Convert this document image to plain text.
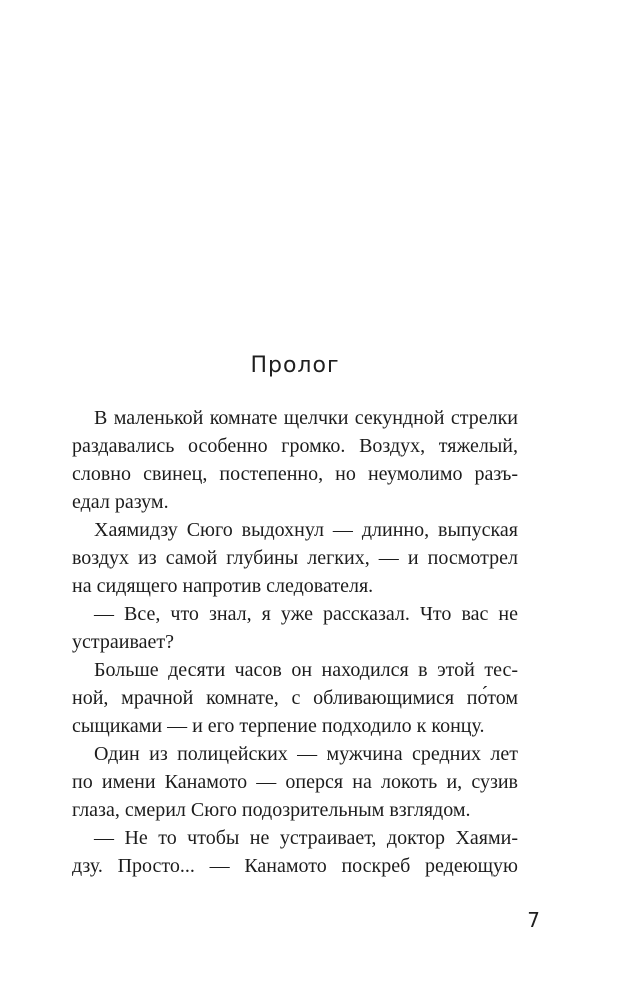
Пролог
В маленькой комнате щелчки секундной стрелки
раздавались особенно громко. Воздух, тяжелый,
словно свинец, постепенно, но неумолимо разъ-
едал разум.
Хаямидзу Сюго выдохнул — длинно, выпуская
воздух из самой глубины легких, — и посмотрел
на сидящего напротив следователя.
— Все, что знал, я уже рассказал. Что вас не
устраивает?
Больше десяти часов он находился в этой тес-
ной, мрачной комнате, с обливающимися по́том
сыщиками — и его терпение подходило к концу.
Один из полицейских — мужчина средних лет
по имени Канамото — оперся на локоть и, сузив
глаза, смерил Сюго подозрительным взглядом.
— Не то чтобы не устраивает, доктор Хаями-
дзу. Просто... — Канамото поскреб редеющую
7
